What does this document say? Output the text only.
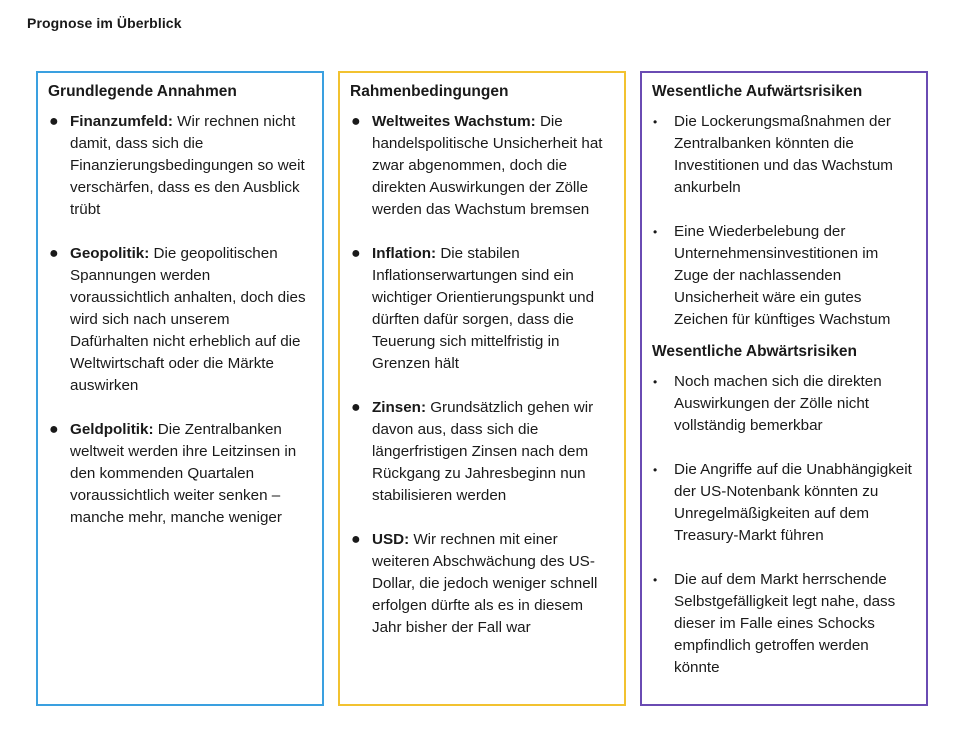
Prognose im Überblick
Grundlegende Annahmen
● Finanzumfeld: Wir rechnen nicht damit, dass sich die Finanzierungsbedingungen so weit verschärfen, dass es den Ausblick trübt
● Geopolitik: Die geopolitischen Spannungen werden voraussichtlich anhalten, doch dies wird sich nach unserem Dafürhalten nicht erheblich auf die Weltwirtschaft oder die Märkte auswirken
● Geldpolitik: Die Zentralbanken weltweit werden ihre Leitzinsen in den kommenden Quartalen voraussichtlich weiter senken – manche mehr, manche weniger
Rahmenbedingungen
● Weltweites Wachstum: Die handelspolitische Unsicherheit hat zwar abgenommen, doch die direkten Auswirkungen der Zölle werden das Wachstum bremsen
● Inflation: Die stabilen Inflationserwartungen sind ein wichtiger Orientierungspunkt und dürften dafür sorgen, dass die Teuerung sich mittelfristig in Grenzen hält
● Zinsen: Grundsätzlich gehen wir davon aus, dass sich die längerfristigen Zinsen nach dem Rückgang zu Jahresbeginn nun stabilisieren werden
● USD: Wir rechnen mit einer weiteren Abschwächung des US-Dollar, die jedoch weniger schnell erfolgen dürfte als es in diesem Jahr bisher der Fall war
Wesentliche Aufwärtsrisiken
• Die Lockerungsmaßnahmen der Zentralbanken könnten die Investitionen und das Wachstum ankurbeln
• Eine Wiederbelebung der Unternehmensinvestitionen im Zuge der nachlassenden Unsicherheit wäre ein gutes Zeichen für künftiges Wachstum
Wesentliche Abwärtsrisiken
• Noch machen sich die direkten Auswirkungen der Zölle nicht vollständig bemerkbar
• Die Angriffe auf die Unabhängigkeit der US-Notenbank könnten zu Unregelmäßigkeiten auf dem Treasury-Markt führen
• Die auf dem Markt herrschende Selbstgefälligkeit legt nahe, dass dieser im Falle eines Schocks empfindlich getroffen werden könnte
